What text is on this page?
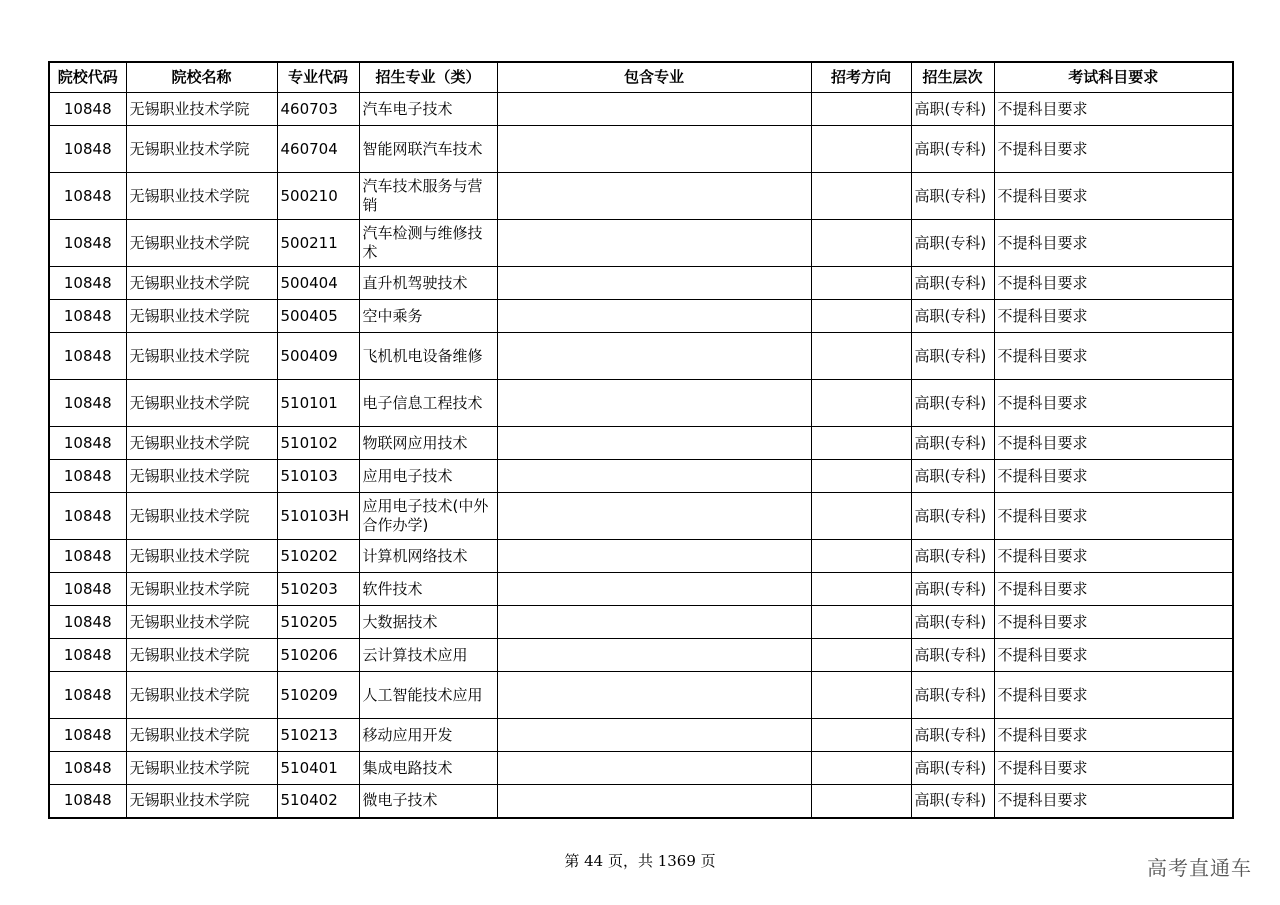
院校代码	院校名称	专业代码	招生专业（类）	包含专业	招考方向	招生层次	考试科目要求
10848	无锡职业技术学院	460703	汽车电子技术			高职(专科)	不提科目要求
10848	无锡职业技术学院	460704	智能网联汽车技术			高职(专科)	不提科目要求
10848	无锡职业技术学院	500210	汽车技术服务与营销			高职(专科)	不提科目要求
10848	无锡职业技术学院	500211	汽车检测与维修技术			高职(专科)	不提科目要求
10848	无锡职业技术学院	500404	直升机驾驶技术			高职(专科)	不提科目要求
10848	无锡职业技术学院	500405	空中乘务			高职(专科)	不提科目要求
10848	无锡职业技术学院	500409	飞机机电设备维修			高职(专科)	不提科目要求
10848	无锡职业技术学院	510101	电子信息工程技术			高职(专科)	不提科目要求
10848	无锡职业技术学院	510102	物联网应用技术			高职(专科)	不提科目要求
10848	无锡职业技术学院	510103	应用电子技术			高职(专科)	不提科目要求
10848	无锡职业技术学院	510103H	应用电子技术(中外合作办学)			高职(专科)	不提科目要求
10848	无锡职业技术学院	510202	计算机网络技术			高职(专科)	不提科目要求
10848	无锡职业技术学院	510203	软件技术			高职(专科)	不提科目要求
10848	无锡职业技术学院	510205	大数据技术			高职(专科)	不提科目要求
10848	无锡职业技术学院	510206	云计算技术应用			高职(专科)	不提科目要求
10848	无锡职业技术学院	510209	人工智能技术应用			高职(专科)	不提科目要求
10848	无锡职业技术学院	510213	移动应用开发			高职(专科)	不提科目要求
10848	无锡职业技术学院	510401	集成电路技术			高职(专科)	不提科目要求
10848	无锡职业技术学院	510402	微电子技术			高职(专科)	不提科目要求
第 44 页，共 1369 页	高考直通车
